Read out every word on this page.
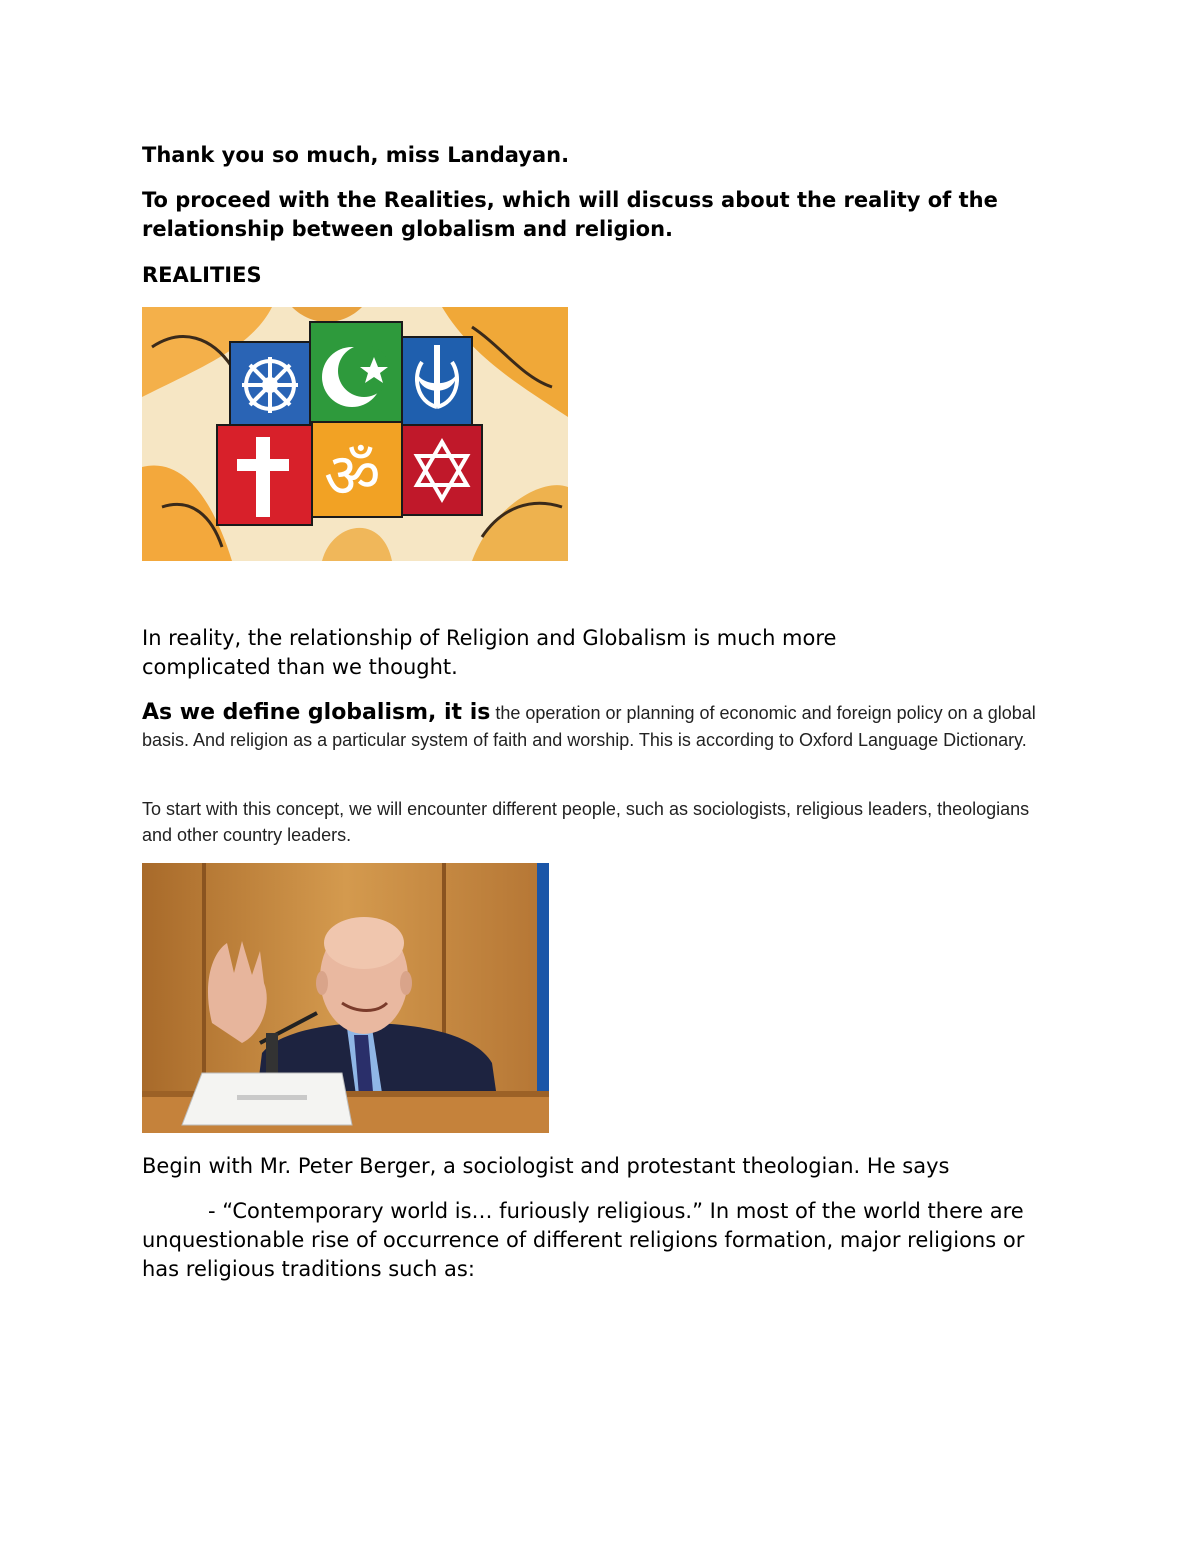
Thank you so much, miss Landayan.

To proceed with the Realities, which will discuss about the reality of the relationship between globalism and religion.

REALITIES

ॐ

In reality, the relationship of Religion and Globalism is much more complicated than we thought.

As we define globalism, it is the operation or planning of economic and foreign policy on a global basis. And religion as a particular system of faith and worship. This is according to Oxford Language Dictionary.

To start with this concept, we will encounter different people, such as sociologists, religious leaders, theologians and other country leaders.

Begin with Mr. Peter Berger, a sociologist and protestant theologian. He says

- “Contemporary world is… furiously religious.” In most of the world there are unquestionable rise of occurrence of different religions formation, major religions or has religious traditions such as:
